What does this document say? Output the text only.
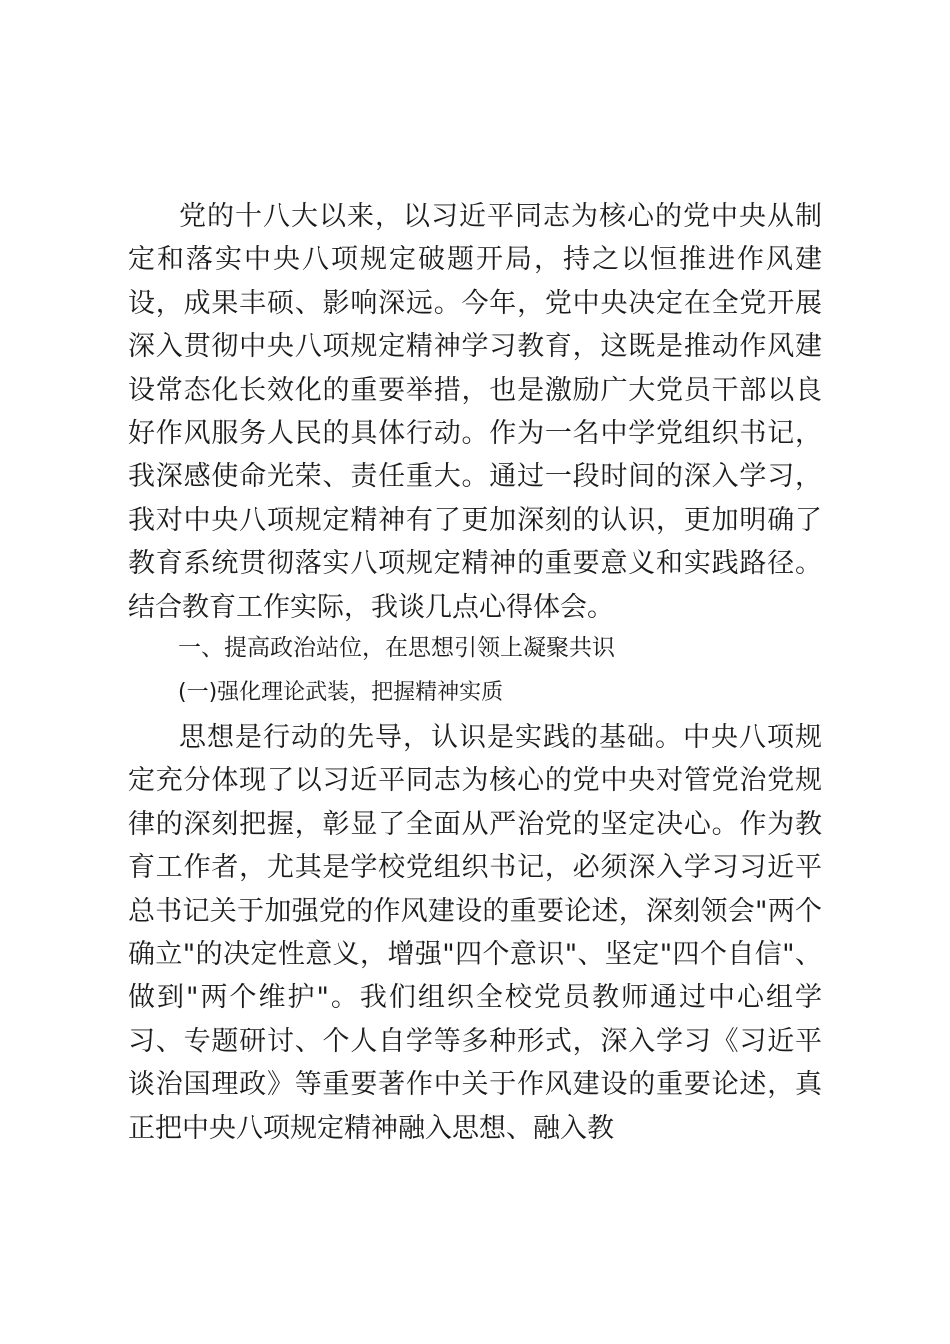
党的十八大以来，以习近平同志为核心的党中央从制定和落实中央八项规定破题开局，持之以恒推进作风建设，成果丰硕、影响深远。今年，党中央决定在全党开展深入贯彻中央八项规定精神学习教育，这既是推动作风建设常态化长效化的重要举措，也是激励广大党员干部以良好作风服务人民的具体行动。作为一名中学党组织书记，我深感使命光荣、责任重大。通过一段时间的深入学习，我对中央八项规定精神有了更加深刻的认识，更加明确了教育系统贯彻落实八项规定精神的重要意义和实践路径。结合教育工作实际，我谈几点心得体会。

一、提高政治站位，在思想引领上凝聚共识

(一)强化理论武装，把握精神实质

思想是行动的先导，认识是实践的基础。中央八项规定充分体现了以习近平同志为核心的党中央对管党治党规律的深刻把握，彰显了全面从严治党的坚定决心。作为教育工作者，尤其是学校党组织书记，必须深入学习习近平总书记关于加强党的作风建设的重要论述，深刻领会"两个确立"的决定性意义，增强"四个意识"、坚定"四个自信"、做到"两个维护"。我们组织全校党员教师通过中心组学习、专题研讨、个人自学等多种形式，深入学习《习近平谈治国理政》等重要著作中关于作风建设的重要论述，真正把中央八项规定精神融入思想、融入教
